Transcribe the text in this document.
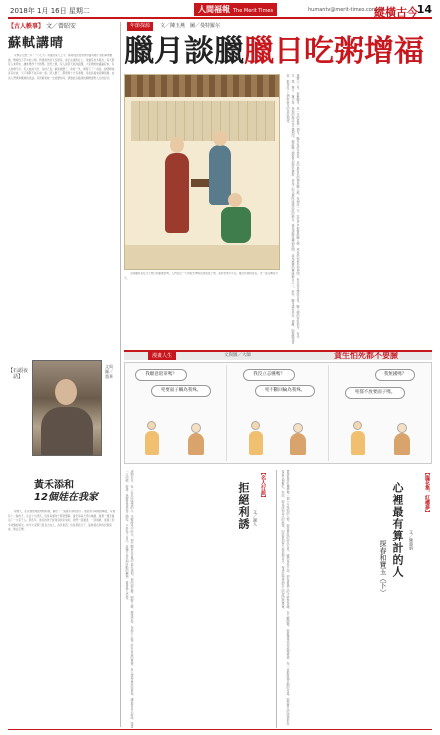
2018年 1月 16日 星期二	人間福報 The Merit Times	humantv@merit-times.com.tw
縱橫古今
14
【古人軼事】 文／曾昭安
蘇軾講晴

宋神宗元豐二年（一○七九）初夏的某天上午，蘇東坡突然覺得身邊有數不清的事情要做，暫時放下手中的公務，對著窗外的天空發呆。他正在湖州任上，身邊有許多朋友，每天都有人來拜訪，讓他覺得十分熱鬧。忽然之間，有人說起天氣的話題，大家便紛紛議論起來，有人說晴天好，有人說雨天好，各持己見。蘇東坡聽了，哈哈一笑，便寫下了一首詩，說明晴雨各有好處，天下事都不能只看一面。眾人聽了，都覺得十分有道理。這首詩後來流傳很廣，成為人們津津樂道的佳話。其實蘇東坡一生經歷坎坷，卻總能以豁達的胸懷面對人生的起伏。

【石頭夜話】
文與圖／趙華
黃禾添和
12個娃在我家

前幾天，在家裡整理舊物的時候，翻出了一張黃禾添的照片。他是我小時候的鄰居，家裡有十二個孩子，生活十分清苦，但是每個孩子都很懂事。黃禾添每天早出晚歸，靠著一雙手養活了一大家子人。那些年，他家的孩子經常到我家來玩，我們一起讀書，一起遊戲，度過了許多快樂的時光。如今大家都已經長大成人，各奔東西，但是那段日子，始終留在我的記憶深處，無法忘懷。

年節探源	文／陳玉燕　圖／曼特羅尔
臘月談臘臘日吃粥增福
農曆十二月，俗稱臘月，是一年的最後一個月。臘月有許多習俗，其中最有名的便是臘八節。每到這一天，家家戶戶都要熬臘八粥，用來祭祀祖先和神明，祈求來年豐收吉祥。臘八粥的材料很多，有米、豆、棗、栗子、蓮子等，各地的做法也不盡相同。據說臘八粥最早起源於佛教，是為了紀念佛陀成道而設的節日。後來逐漸流傳到民間，成為重要的傳統節日之一。此外，臘月還有祭灶、掃塵、貼春聯等習俗，都寄託了人們對新年的美好期望。

古時臘祭是在冬天舉行的重要祭典，人們在這一天向祖先神明表達感恩之情，並祈求來年平安。臘日吃粥的習俗，也一直流傳到今天。

漫畫人生	文與圖／大師	貪生怕死都不要臉
我願意賠罪嗎？
死要面子觸為我殊。
我沒立志嚥嗎？
死不斷回輪為我殊。
我無國嗎？
死都不放要面子嗎。
清朝末年，有一位名叫張謇的人，年輕時考中狀元，卻不願意在官場中追名逐利。他回到家鄉，開辦工廠，興建學校，為地方上做了許多有益的事情。有人想用重金收買他，讓他替自己說話，張謇一口回絕，說道：我辦實業是為了國家，不是為了自己。這種不為名利所動的精神，值得後人學習。	拒絕利誘 文／謝人
【名人行誼】	賈探春是紅樓夢裡一個十分特別的人物。她是賈政的庶出女兒，雖然身份不高，卻有著過人的才幹與見識。在大觀園裡，她最懂得如何處理事情，每一步都經過仔細的考量。她與寶玉的感情很好，常常互相幫忙。然而，她也深知自己的處境，因此更加努力地表現自己，希望能夠得到家人的認同與尊重。	探春和寶玉（下） 心裡最有算計的人 文／陳惠娟
【臨花集，紅樓夢】
